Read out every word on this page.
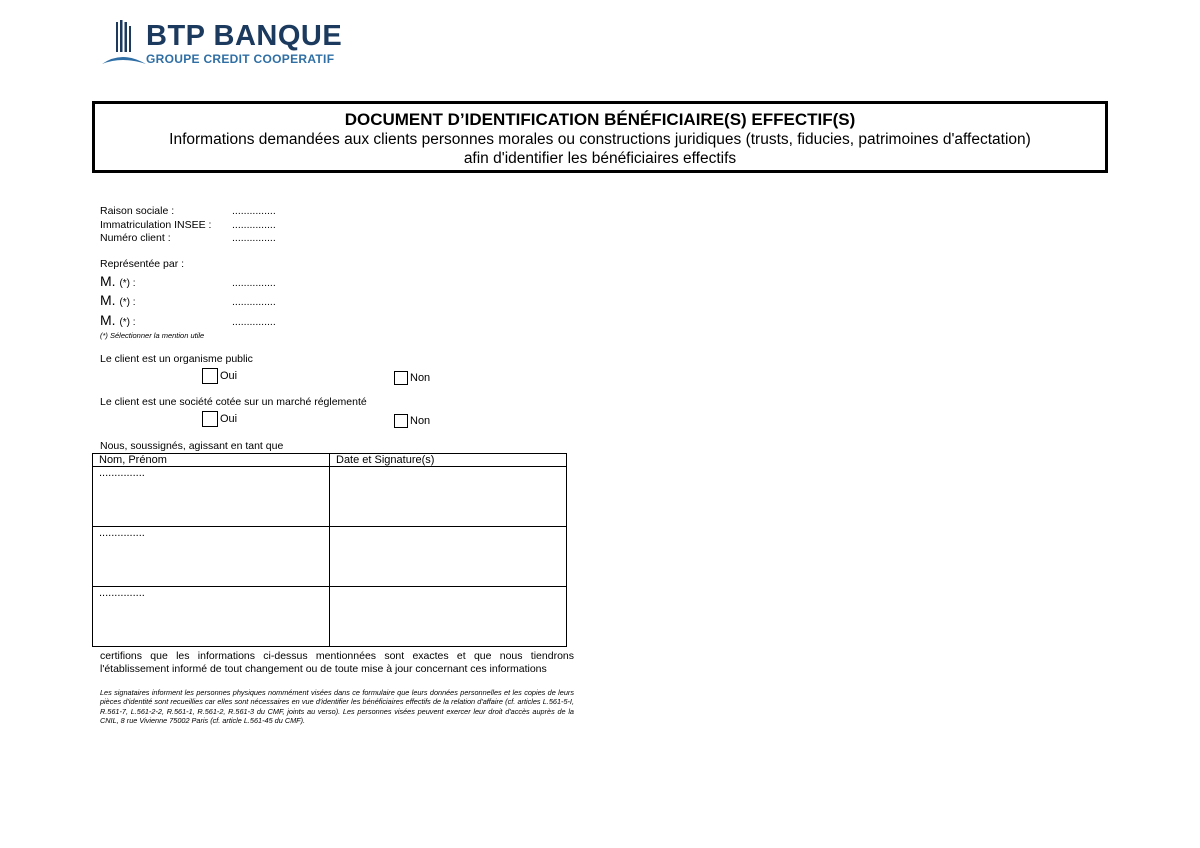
BTP BANQUE
GROUPE CREDIT COOPERATIF
DOCUMENT D’IDENTIFICATION BÉNÉFICIAIRE(S) EFFECTIF(S)
Informations demandées aux clients personnes morales ou constructions juridiques (trusts, fiducies, patrimoines d'affectation)
afin d'identifier les bénéficiaires effectifs
Raison sociale :	...............
Immatriculation INSEE : ...............
Numéro client :	...............
Représentée par :
M. (*) :	...............
M. (*) :	...............
M. (*) :	...............
(*) Sélectionner la mention utile
Le client est un organisme public
Oui	Non
Le client est une société cotée sur un marché réglementé
Oui	Non
Nous, soussignés, agissant en tant que
Nom, Prénom	Date et Signature(s)
...............	
...............	
...............	
certifions que les informations ci-dessus mentionnées sont exactes et que nous tiendrons l'établissement informé de tout changement ou de toute mise à jour concernant ces informations
Les signataires informent les personnes physiques nommément visées dans ce formulaire que leurs données personnelles et les copies de leurs pièces d'identité sont recueillies car elles sont nécessaires en vue d'identifier les bénéficiaires effectifs de la relation d'affaire (cf. articles L.561-5-I, R.561-7, L.561-2-2, R.561-1, R.561-2, R.561-3 du CMF, joints au verso). Les personnes visées peuvent exercer leur droit d'accès auprès de la CNIL, 8 rue Vivienne 75002 Paris (cf. article L.561-45 du CMF).
